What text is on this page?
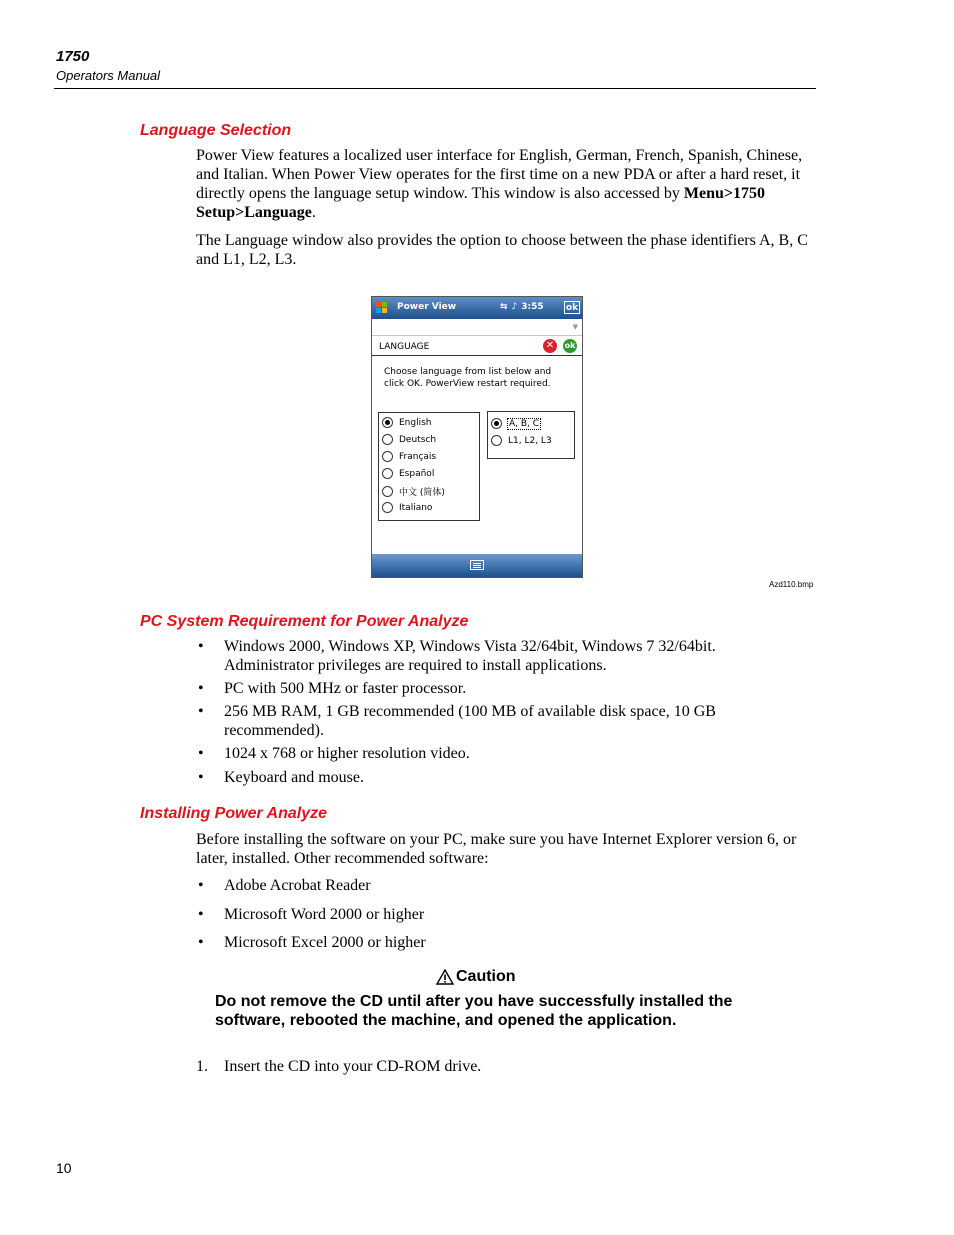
1750
Operators Manual
Language Selection
Power View features a localized user interface for English, German, French, Spanish, Chinese, and Italian. When Power View operates for the first time on a new PDA or after a hard reset, it directly opens the language setup window. This window is also accessed by Menu>1750 Setup>Language.
The Language window also provides the option to choose between the phase identifiers A, B, C and L1, L2, L3.
Power View	⇆ ♪ 3:55 ok
▼
LANGUAGE	✕	ok
Choose language from list below and click OK. PowerView restart required.
English
Deutsch
Français
Español
中文 (简体)
Italiano
A, B, C
L1, L2, L3
Azd110.bmp
PC System Requirement for Power Analyze
• Windows 2000, Windows XP, Windows Vista 32/64bit, Windows 7 32/64bit. Administrator privileges are required to install applications.
• PC with 500 MHz or faster processor.
• 256 MB RAM, 1 GB recommended (100 MB of available disk space, 10 GB recommended).
• 1024 x 768 or higher resolution video.
• Keyboard and mouse.
Installing Power Analyze
Before installing the software on your PC, make sure you have Internet Explorer version 6, or later, installed. Other recommended software:
• Adobe Acrobat Reader
• Microsoft Word 2000 or higher
• Microsoft Excel 2000 or higher
Caution
Do not remove the CD until after you have successfully installed the software, rebooted the machine, and opened the application.
1. Insert the CD into your CD-ROM drive.
10
